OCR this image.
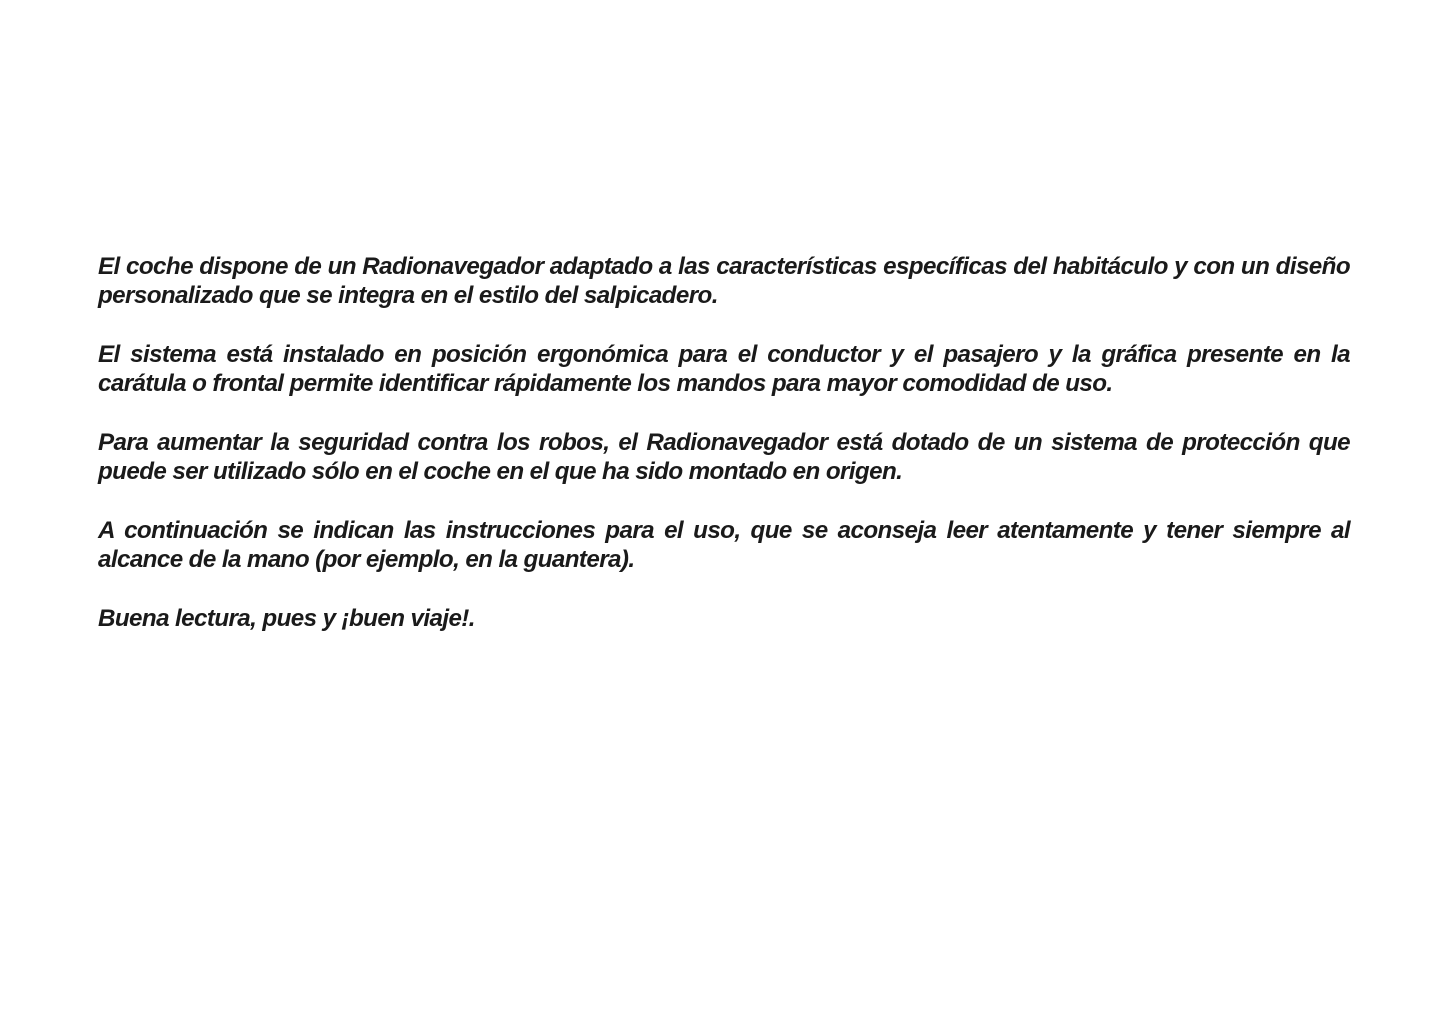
El coche dispone de un Radionavegador adaptado a las características específicas del habitáculo y con un diseño personalizado que se integra en el estilo del salpicadero.

El sistema está instalado en posición ergonómica para el conductor y el pasajero y la gráfica presente en la carátula o frontal permite identificar rápidamente los mandos para mayor comodidad de uso.

Para aumentar la seguridad contra los robos, el Radionavegador está dotado de un sistema de protección que puede ser utilizado sólo en el coche en el que ha sido montado en origen.

A continuación se indican las instrucciones para el uso, que se aconseja leer atentamente y tener siempre al alcance de la mano (por ejemplo, en la guantera).

Buena lectura, pues y ¡buen viaje!.
